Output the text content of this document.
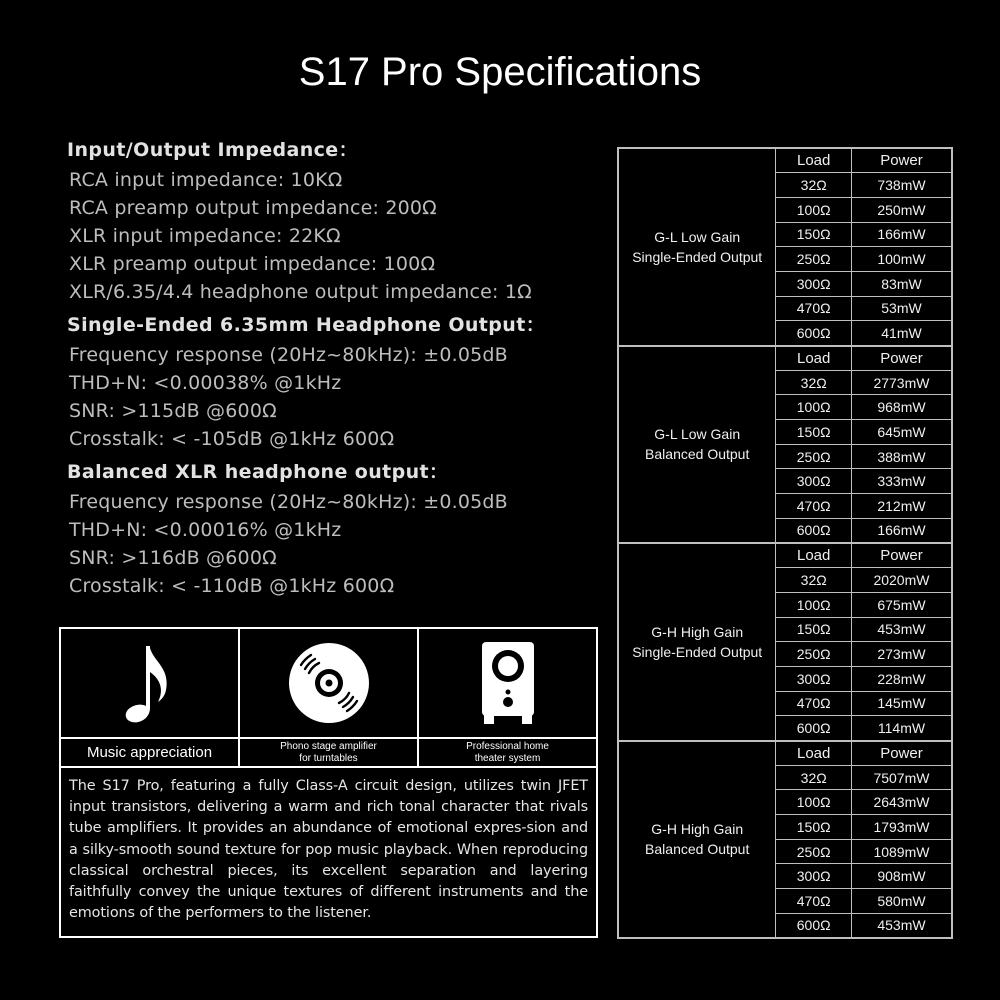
S17 Pro Specifications
Input/Output Impedance：
RCA input impedance: 10KΩ
RCA preamp output impedance: 200Ω
XLR input impedance: 22KΩ
XLR preamp output impedance: 100Ω
XLR/6.35/4.4 headphone output impedance: 1Ω
Single-Ended 6.35mm Headphone Output：
Frequency response (20Hz~80kHz): ±0.05dB
THD+N: <0.00038% @1kHz
SNR: >115dB @600Ω
Crosstalk: < -105dB @1kHz 600Ω
Balanced XLR headphone output：
Frequency response (20Hz~80kHz): ±0.05dB
THD+N: <0.00016% @1kHz
SNR: >116dB @600Ω
Crosstalk: < -110dB @1kHz 600Ω
Music appreciation	Phono stage amplifier
for turntables
Professional home
theater system

The S17 Pro, featuring a fully Class-A circuit design, utilizes twin JFET input transistors, delivering a warm and rich tonal character that rivals tube amplifiers. It provides an abundance of emotional expres-sion and a silky-smooth sound texture for pop music playback. When reproducing classical orchestral pieces, its excellent separation and layering faithfully convey the unique textures of different instruments and the emotions of the performers to the listener.

G-L Low Gain
Single-Ended Output	Load	Power
	32Ω	738mW
	100Ω	250mW
	150Ω	166mW
	250Ω	100mW
	300Ω	83mW
	470Ω	53mW
	600Ω	41mW
G-L Low Gain
Balanced Output	Load	Power
	32Ω	2773mW
	100Ω	968mW
	150Ω	645mW
	250Ω	388mW
	300Ω	333mW
	470Ω	212mW
	600Ω	166mW
G-H High Gain
Single-Ended Output	Load	Power
	32Ω	2020mW
	100Ω	675mW
	150Ω	453mW
	250Ω	273mW
	300Ω	228mW
	470Ω	145mW
	600Ω	114mW
G-H High Gain
Balanced Output	Load	Power
	32Ω	7507mW
	100Ω	2643mW
	150Ω	1793mW
	250Ω	1089mW
	300Ω	908mW
	470Ω	580mW
	600Ω	453mW
